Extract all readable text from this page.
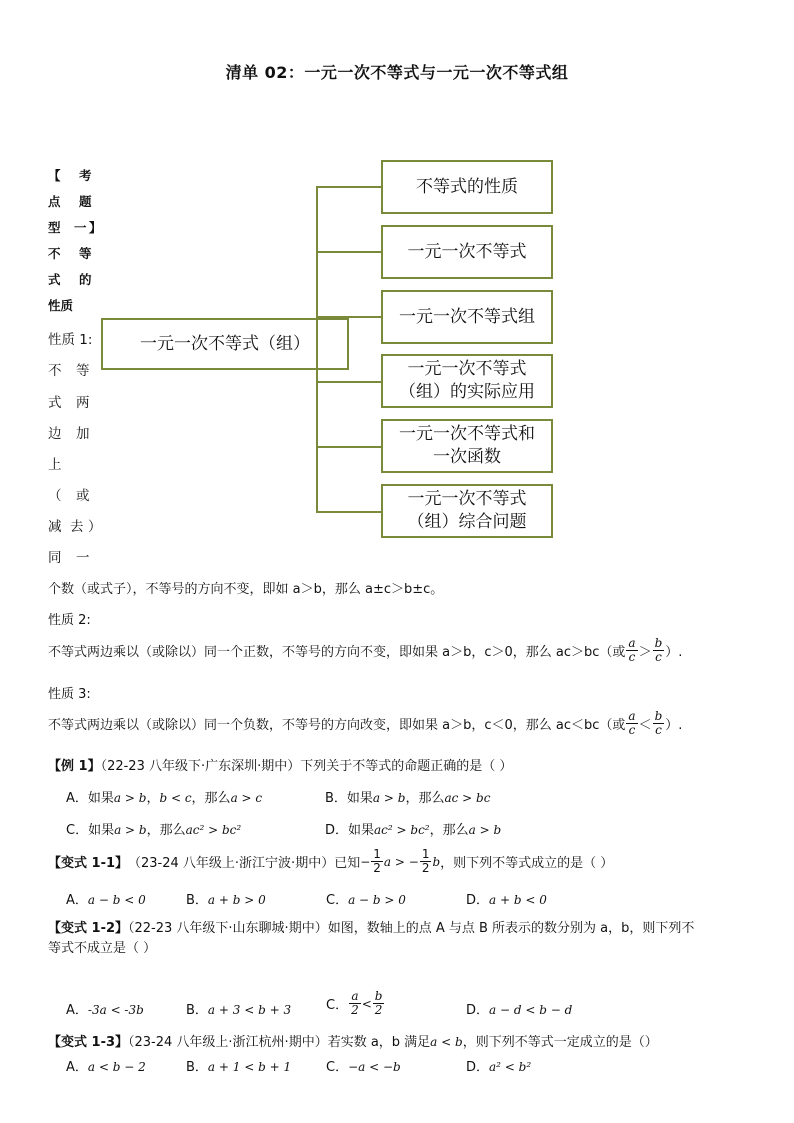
清单 02：一元一次不等式与一元一次不等式组
一元一次不等式（组）
不等式的性质
一元一次不等式
一元一次不等式组
一元一次不等式
（组）的实际应用
一元一次不等式和
一次函数
一元一次不等式
（组）综合问题
【 考
点 题
型 一 】
不 等
式 的
性质
性质 1:
不 等
式 两
边 加
上
（ 或
减 去 ）
同 一
个数（或式子），不等号的方向不变，即如 a＞b，那么 a±c＞b±c。
性质 2:
不等式两边乘以（或除以）同一个正数，不等号的方向不变，即如果 a＞b，c＞0，那么 ac＞bc（或 $\frac{a}{c} > \frac{b}{c}$ ）.
性质 3:
不等式两边乘以（或除以）同一个负数，不等号的方向改变，即如果 a＞b，c＜0，那么 ac＜bc（或 $\frac{a}{c} < \frac{b}{c}$ ）.
【例 1】（22-23 八年级下·广东深圳·期中）下列关于不等式的命题正确的是（ ）
A．如果a > b，b < c，那么a > c	B．如果a > b，那么ac > bc
C．如果a > b，那么ac² > bc²	D．如果ac² > bc²，那么a > b
【变式 1-1】 （23-24 八年级上·浙江宁波·期中）已知 − $\frac{1}{2}$ a > − $\frac{1}{2}$ b ，则下列不等式成立的是（ ）
A．a − b < 0	B．a + b > 0	C．a − b > 0	D．a + b < 0
【变式 1-2】（22-23 八年级下·山东聊城·期中）如图，数轴上的点 A 与点 B 所表示的数分别为 a，b，则下列不
等式不成立是（ ）
A．-3a < -3b	B．a + 3 < b + 3	C． $\frac{a}{2} < \frac{b}{2}$	D．a − d < b − d
【变式 1-3】（23-24 八年级上·浙江杭州·期中）若实数 a，b 满足a < b，则下列不等式一定成立的是（）
A．a < b − 2	B．a + 1 < b + 1	C．−a < −b	D．a² < b²
